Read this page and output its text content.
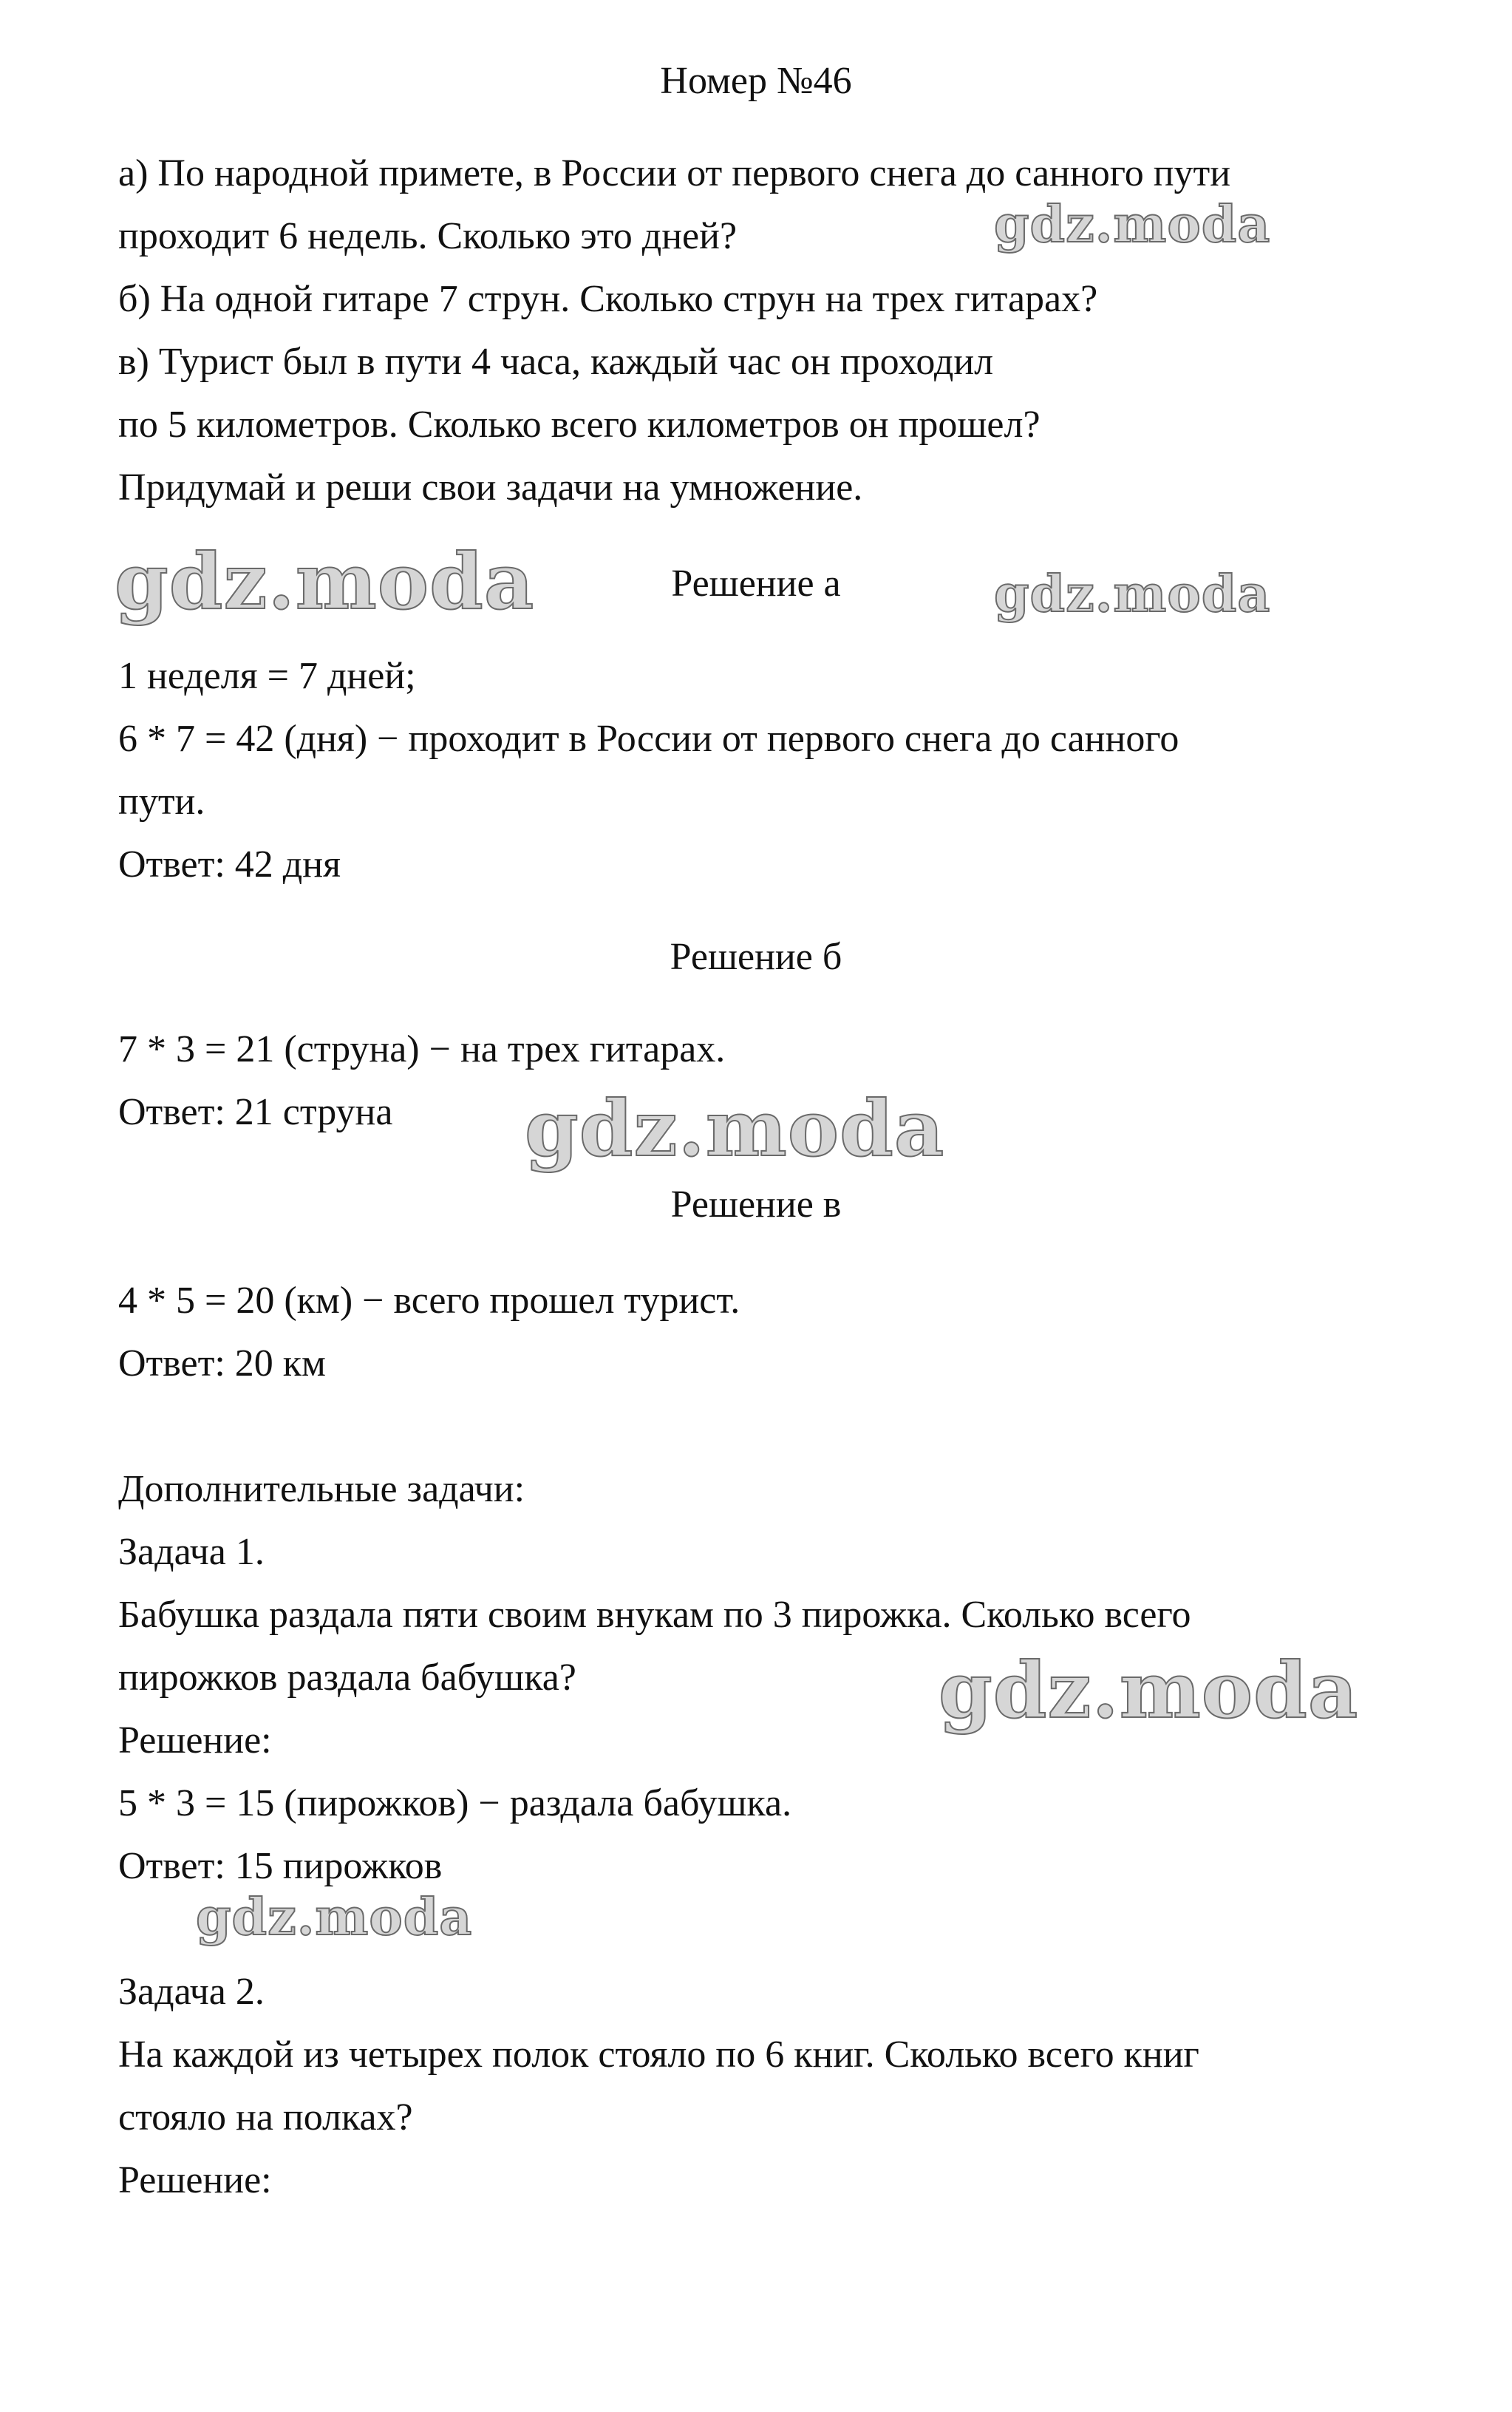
Номер №46
а) По народной примете, в России от первого снега до санного пути
проходит 6 недель. Сколько это дней?
б) На одной гитаре 7 струн. Сколько струн на трех гитарах?
в) Турист был в пути 4 часа, каждый час он проходил
по 5 километров. Сколько всего километров он прошел?
Придумай и реши свои задачи на умножение.
Решение а
1 неделя = 7 дней;
6 * 7 = 42 (дня) − проходит в России от первого снега до санного
пути.
Ответ: 42 дня
Решение б
7 * 3 = 21 (струна) − на трех гитарах.
Ответ: 21 струна
Решение в
4 * 5 = 20 (км) − всего прошел турист.
Ответ: 20 км
Дополнительные задачи:
Задача 1.
Бабушка раздала пяти своим внукам по 3 пирожка. Сколько всего
пирожков раздала бабушка?
Решение:
5 * 3 = 15 (пирожков) − раздала бабушка.
Ответ: 15 пирожков
Задача 2.
На каждой из четырех полок стояло по 6 книг. Сколько всего книг
стояло на полках?
Решение:
gdz.moda
gdz.moda	gdz.moda
gdz.moda
gdz.moda
gdz.moda
